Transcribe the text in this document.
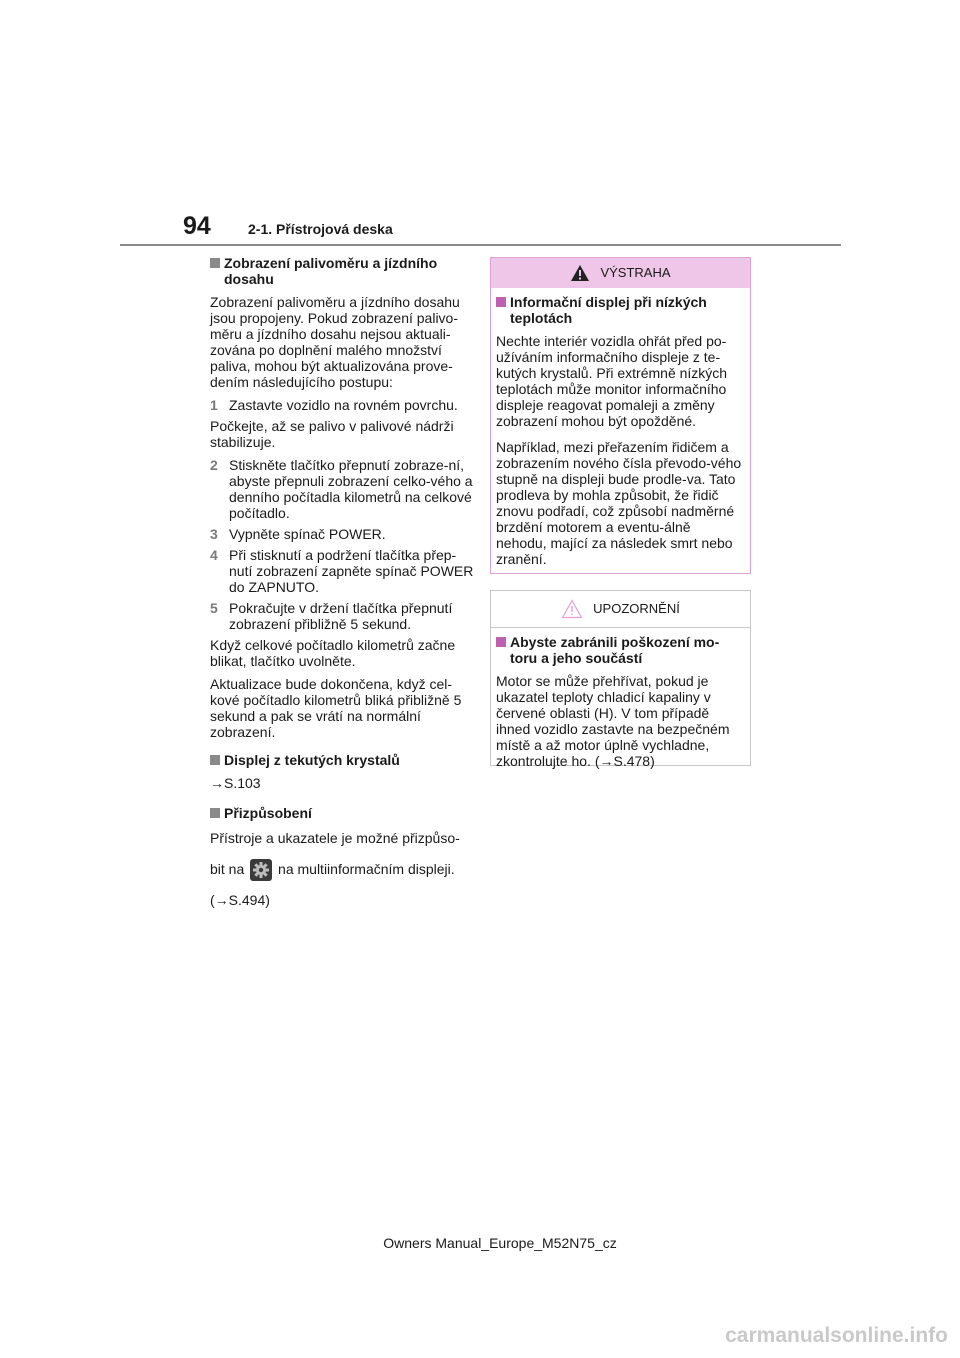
94	2-1. Přístrojová deska
Zobrazení palivoměru a jízdního dosahu

Zobrazení palivoměru a jízdního dosahu jsou propojeny. Pokud zobrazení palivo-měru a jízdního dosahu nejsou aktuali-zována po doplnění malého množství paliva, mohou být aktualizována prove-dením následujícího postupu:

1 Zastavte vozidlo na rovném povrchu.

Počkejte, až se palivo v palivové nádrži stabilizuje.

2 Stiskněte tlačítko přepnutí zobraze-ní, abyste přepnuli zobrazení celko-vého a denního počítadla kilometrů na celkové počítadlo.
3 Vypněte spínač POWER.
4 Při stisknutí a podržení tlačítka přep-nutí zobrazení zapněte spínač POWER do ZAPNUTO.
5 Pokračujte v držení tlačítka přepnutí zobrazení přibližně 5 sekund.

Když celkové počítadlo kilometrů začne blikat, tlačítko uvolněte.

Aktualizace bude dokončena, když cel-kové počítadlo kilometrů bliká přibližně 5 sekund a pak se vrátí na normální zobrazení.

Displej z tekutých krystalů

→S.103

Přizpůsobení

Přístroje a ukazatele je možné přizpůso-

bit na na multiinformačním displeji.

(→S.494)

VÝSTRAHA
Informační displej při nízkých teplotách

Nechte interiér vozidla ohřát před po-užíváním informačního displeje z te-kutých krystalů. Při extrémně nízkých teplotách může monitor informačního displeje reagovat pomaleji a změny zobrazení mohou být opožděné.

Například, mezi přeřazením řidičem a zobrazením nového čísla převodo-vého stupně na displeji bude prodle-va. Tato prodleva by mohla způsobit, že řidič znovu podřadí, což způsobí nadměrné brzdění motorem a eventu-álně nehodu, mající za následek smrt nebo zranění.

UPOZORNĚNÍ
Abyste zabránili poškození mo-toru a jeho součástí

Motor se může přehřívat, pokud je ukazatel teploty chladicí kapaliny v červené oblasti (H). V tom případě ihned vozidlo zastavte na bezpečném místě a až motor úplně vychladne, zkontrolujte ho. (→S.478)

Owners Manual_Europe_M52N75_cz
carmanualsonline.info
